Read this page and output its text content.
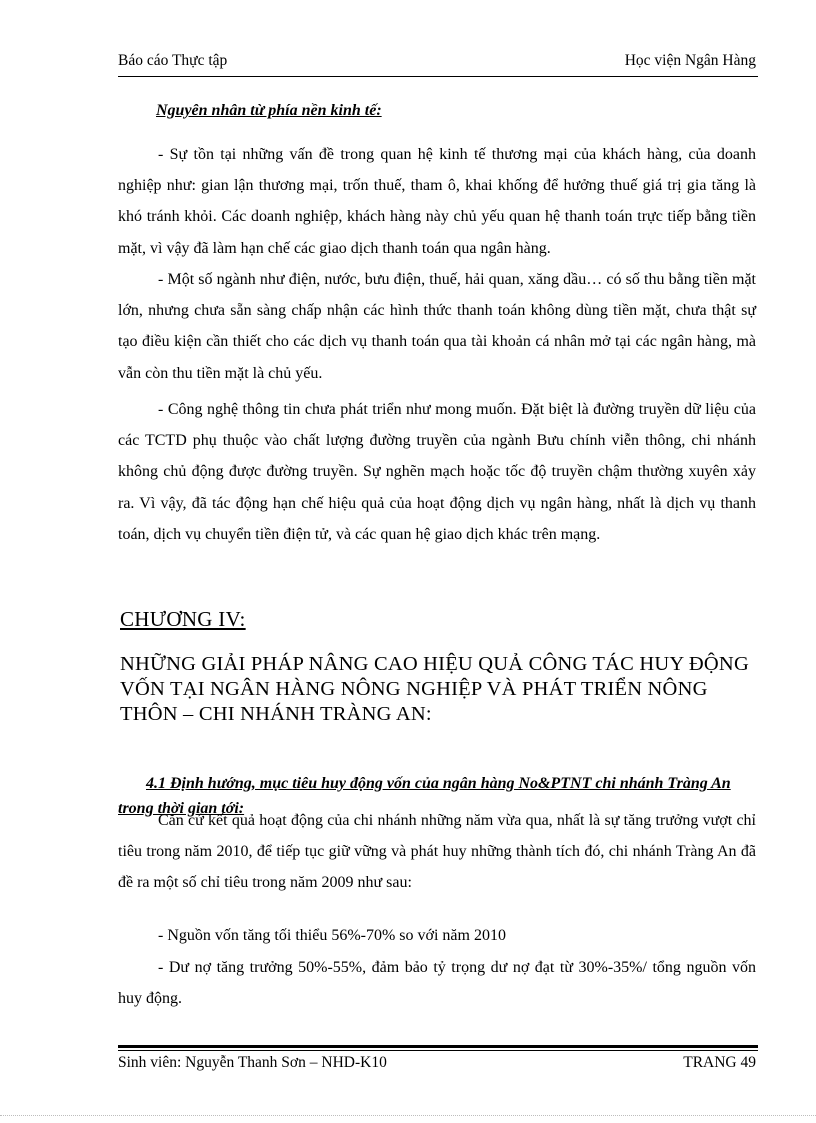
Báo cáo Thực tập	Học viện Ngân Hàng

Nguyên nhân từ phía nền kinh tế:

- Sự tồn tại những vấn đề trong quan hệ kinh tế thương mại của khách hàng, của doanh nghiệp như: gian lận thương mại, trốn thuế, tham ô, khai khống để hưởng thuế giá trị gia tăng là khó tránh khỏi. Các doanh nghiệp, khách hàng này chủ yếu quan hệ thanh toán trực tiếp bằng tiền mặt, vì vậy đã làm hạn chế các giao dịch thanh toán qua ngân hàng.

- Một số ngành như điện, nước, bưu điện, thuế, hải quan, xăng dầu… có số thu bằng tiền mặt lớn, nhưng chưa sẵn sàng chấp nhận các hình thức thanh toán không dùng tiền mặt, chưa thật sự tạo điều kiện cần thiết cho các dịch vụ thanh toán qua tài khoản cá nhân mở tại các ngân hàng, mà vẫn còn thu tiền mặt là chủ yếu.

- Công nghệ thông tin chưa phát triển như mong muốn. Đặt biệt là đường truyền dữ liệu của các TCTD phụ thuộc vào chất lượng đường truyền của ngành Bưu chính viễn thông, chi nhánh không chủ động được đường truyền. Sự nghẽn mạch hoặc tốc độ truyền chậm thường xuyên xảy ra. Vì vậy, đã tác động hạn chế hiệu quả của hoạt động dịch vụ ngân hàng, nhất là dịch vụ thanh toán, dịch vụ chuyển tiền điện tử, và các quan hệ giao dịch khác trên mạng.

CHƯƠNG IV:
NHỮNG GIẢI PHÁP NÂNG CAO HIỆU QUẢ CÔNG TÁC HUY ĐỘNG VỐN TẠI NGÂN HÀNG NÔNG NGHIỆP VÀ PHÁT TRIỂN NÔNG THÔN – CHI NHÁNH TRÀNG AN:

4.1 Định hướng, mục tiêu huy động vốn của ngân hàng No&PTNT chi nhánh Tràng An trong thời gian tới:

Căn cứ kết quả hoạt động của chi nhánh những năm vừa qua, nhất là sự tăng trưởng vượt chỉ tiêu trong năm 2010, để tiếp tục giữ vững và phát huy những thành tích đó, chi nhánh Tràng An đã đề ra một số chỉ tiêu trong năm 2009 như sau:

- Nguồn vốn tăng tối thiểu 56%-70% so với năm 2010

- Dư nợ tăng trưởng 50%-55%, đảm bảo tỷ trọng dư nợ đạt từ 30%-35%/ tổng nguồn vốn huy động.

Sinh viên: Nguyễn Thanh Sơn – NHD-K10	TRANG 49
